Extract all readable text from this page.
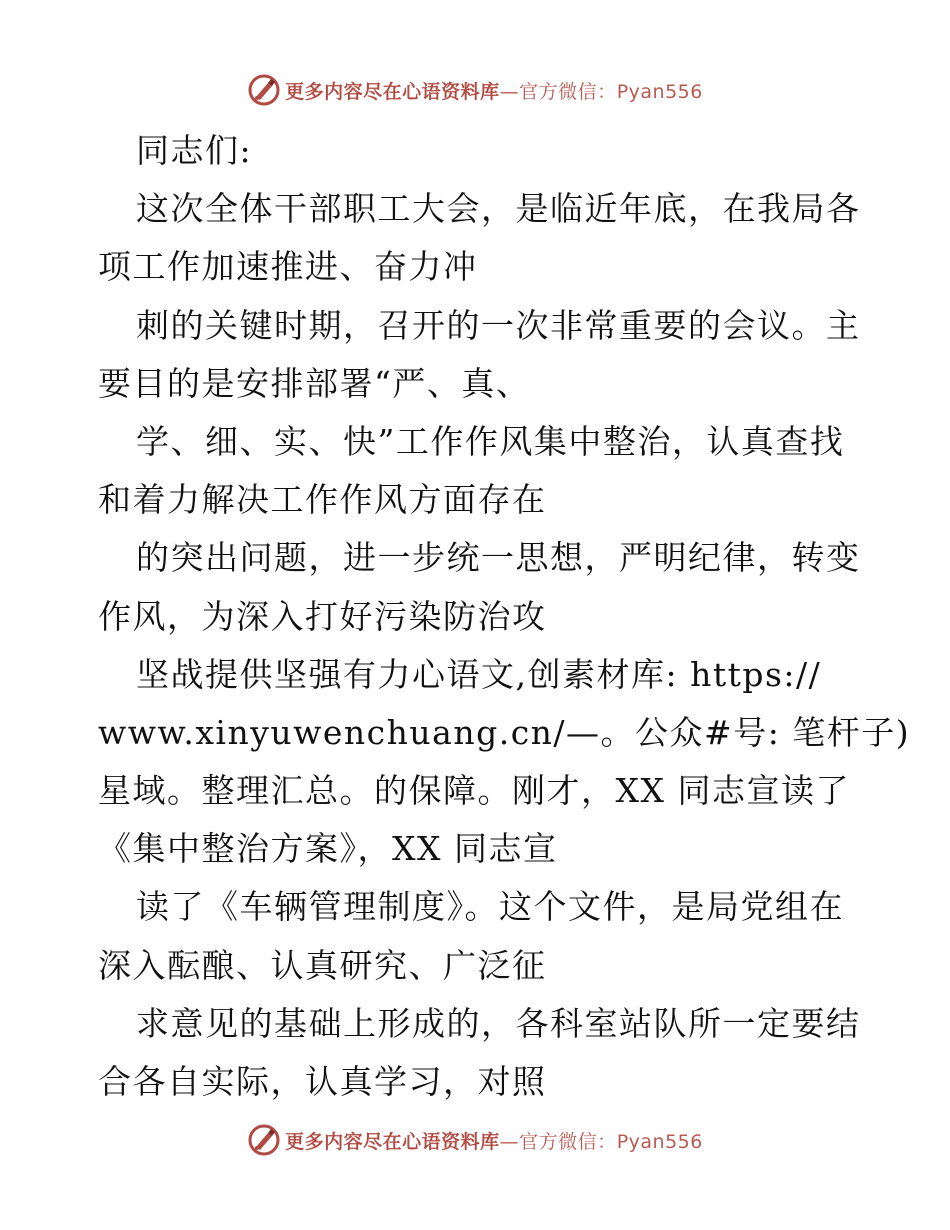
更多内容尽在心语资料库—官方微信：Pyan556
同志们:
这次全体干部职工大会，是临近年底，在我局各
项工作加速推进、奋力冲
刺的关键时期，召开的一次非常重要的会议。主
要目的是安排部署“严、真、
学、细、实、快”工作作风集中整治，认真查找
和着力解决工作作风方面存在
的突出问题，进一步统一思想，严明纪律，转变
作风，为深入打好污染防治攻
坚战提供坚强有力心语文,创素材库: https://
www.xinyuwenchuang.cn/—。公众#号: 笔杆子)
星域。整理汇总。的保障。刚才，XX 同志宣读了
《集中整治方案》，XX 同志宣
读了《车辆管理制度》。这个文件，是局党组在
深入酝酿、认真研究、广泛征
求意见的基础上形成的，各科室站队所一定要结
合各自实际，认真学习，对照
更多内容尽在心语资料库—官方微信：Pyan556
